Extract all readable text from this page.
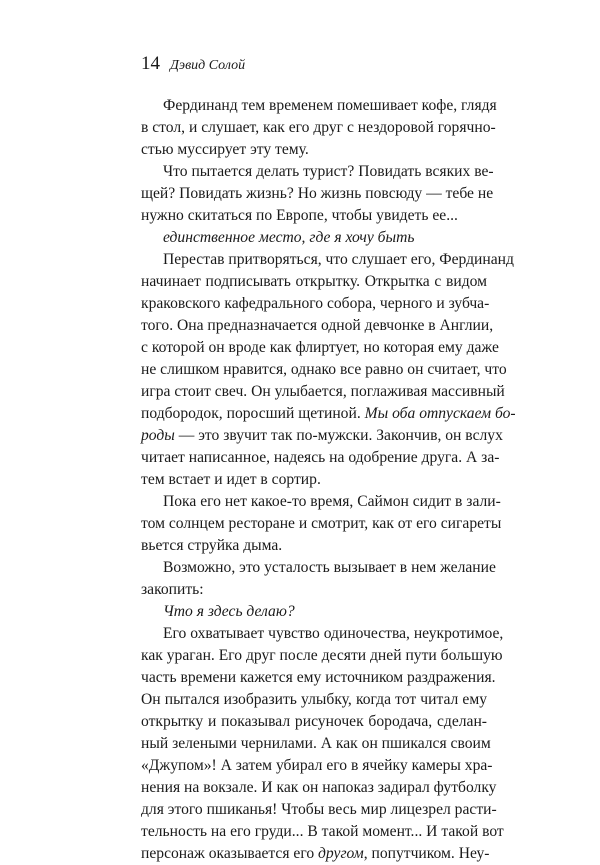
14 Дэвид Солой
Фердинанд тем временем помешивает кофе, глядя
в стол, и слушает, как его друг с нездоровой горячно-
стью муссирует эту тему.
Что пытается делать турист? Повидать всяких ве-
щей? Повидать жизнь? Но жизнь повсюду — тебе не
нужно скитаться по Европе, чтобы увидеть ее...
единственное место, где я хочу быть
Перестав притворяться, что слушает его, Фердинанд
начинает подписывать открытку. Открытка с видом
краковского кафедрального собора, черного и зубча-
того. Она предназначается одной девчонке в Англии,
с которой он вроде как флиртует, но которая ему даже
не слишком нравится, однако все равно он считает, что
игра стоит свеч. Он улыбается, поглаживая массивный
подбородок, поросший щетиной. Мы оба отпускаем бо-
роды — это звучит так по-мужски. Закончив, он вслух
читает написанное, надеясь на одобрение друга. А за-
тем встает и идет в сортир.
Пока его нет какое-то время, Саймон сидит в зали-
том солнцем ресторане и смотрит, как от его сигареты
вьется струйка дыма.
Возможно, это усталость вызывает в нем желание
закопить:
Что я здесь делаю?
Его охватывает чувство одиночества, неукротимое,
как ураган. Его друг после десяти дней пути большую
часть времени кажется ему источником раздражения.
Он пытался изобразить улыбку, когда тот читал ему
открытку и показывал рисуночек бородача, сделан-
ный зелеными чернилами. А как он пшикался своим
«Джупом»! А затем убирал его в ячейку камеры хра-
нения на вокзале. И как он напоказ задирал футболку
для этого пшиканья! Чтобы весь мир лицезрел расти-
тельность на его груди... В такой момент... И такой вот
персонаж оказывается его другом, попутчиком. Неу-
